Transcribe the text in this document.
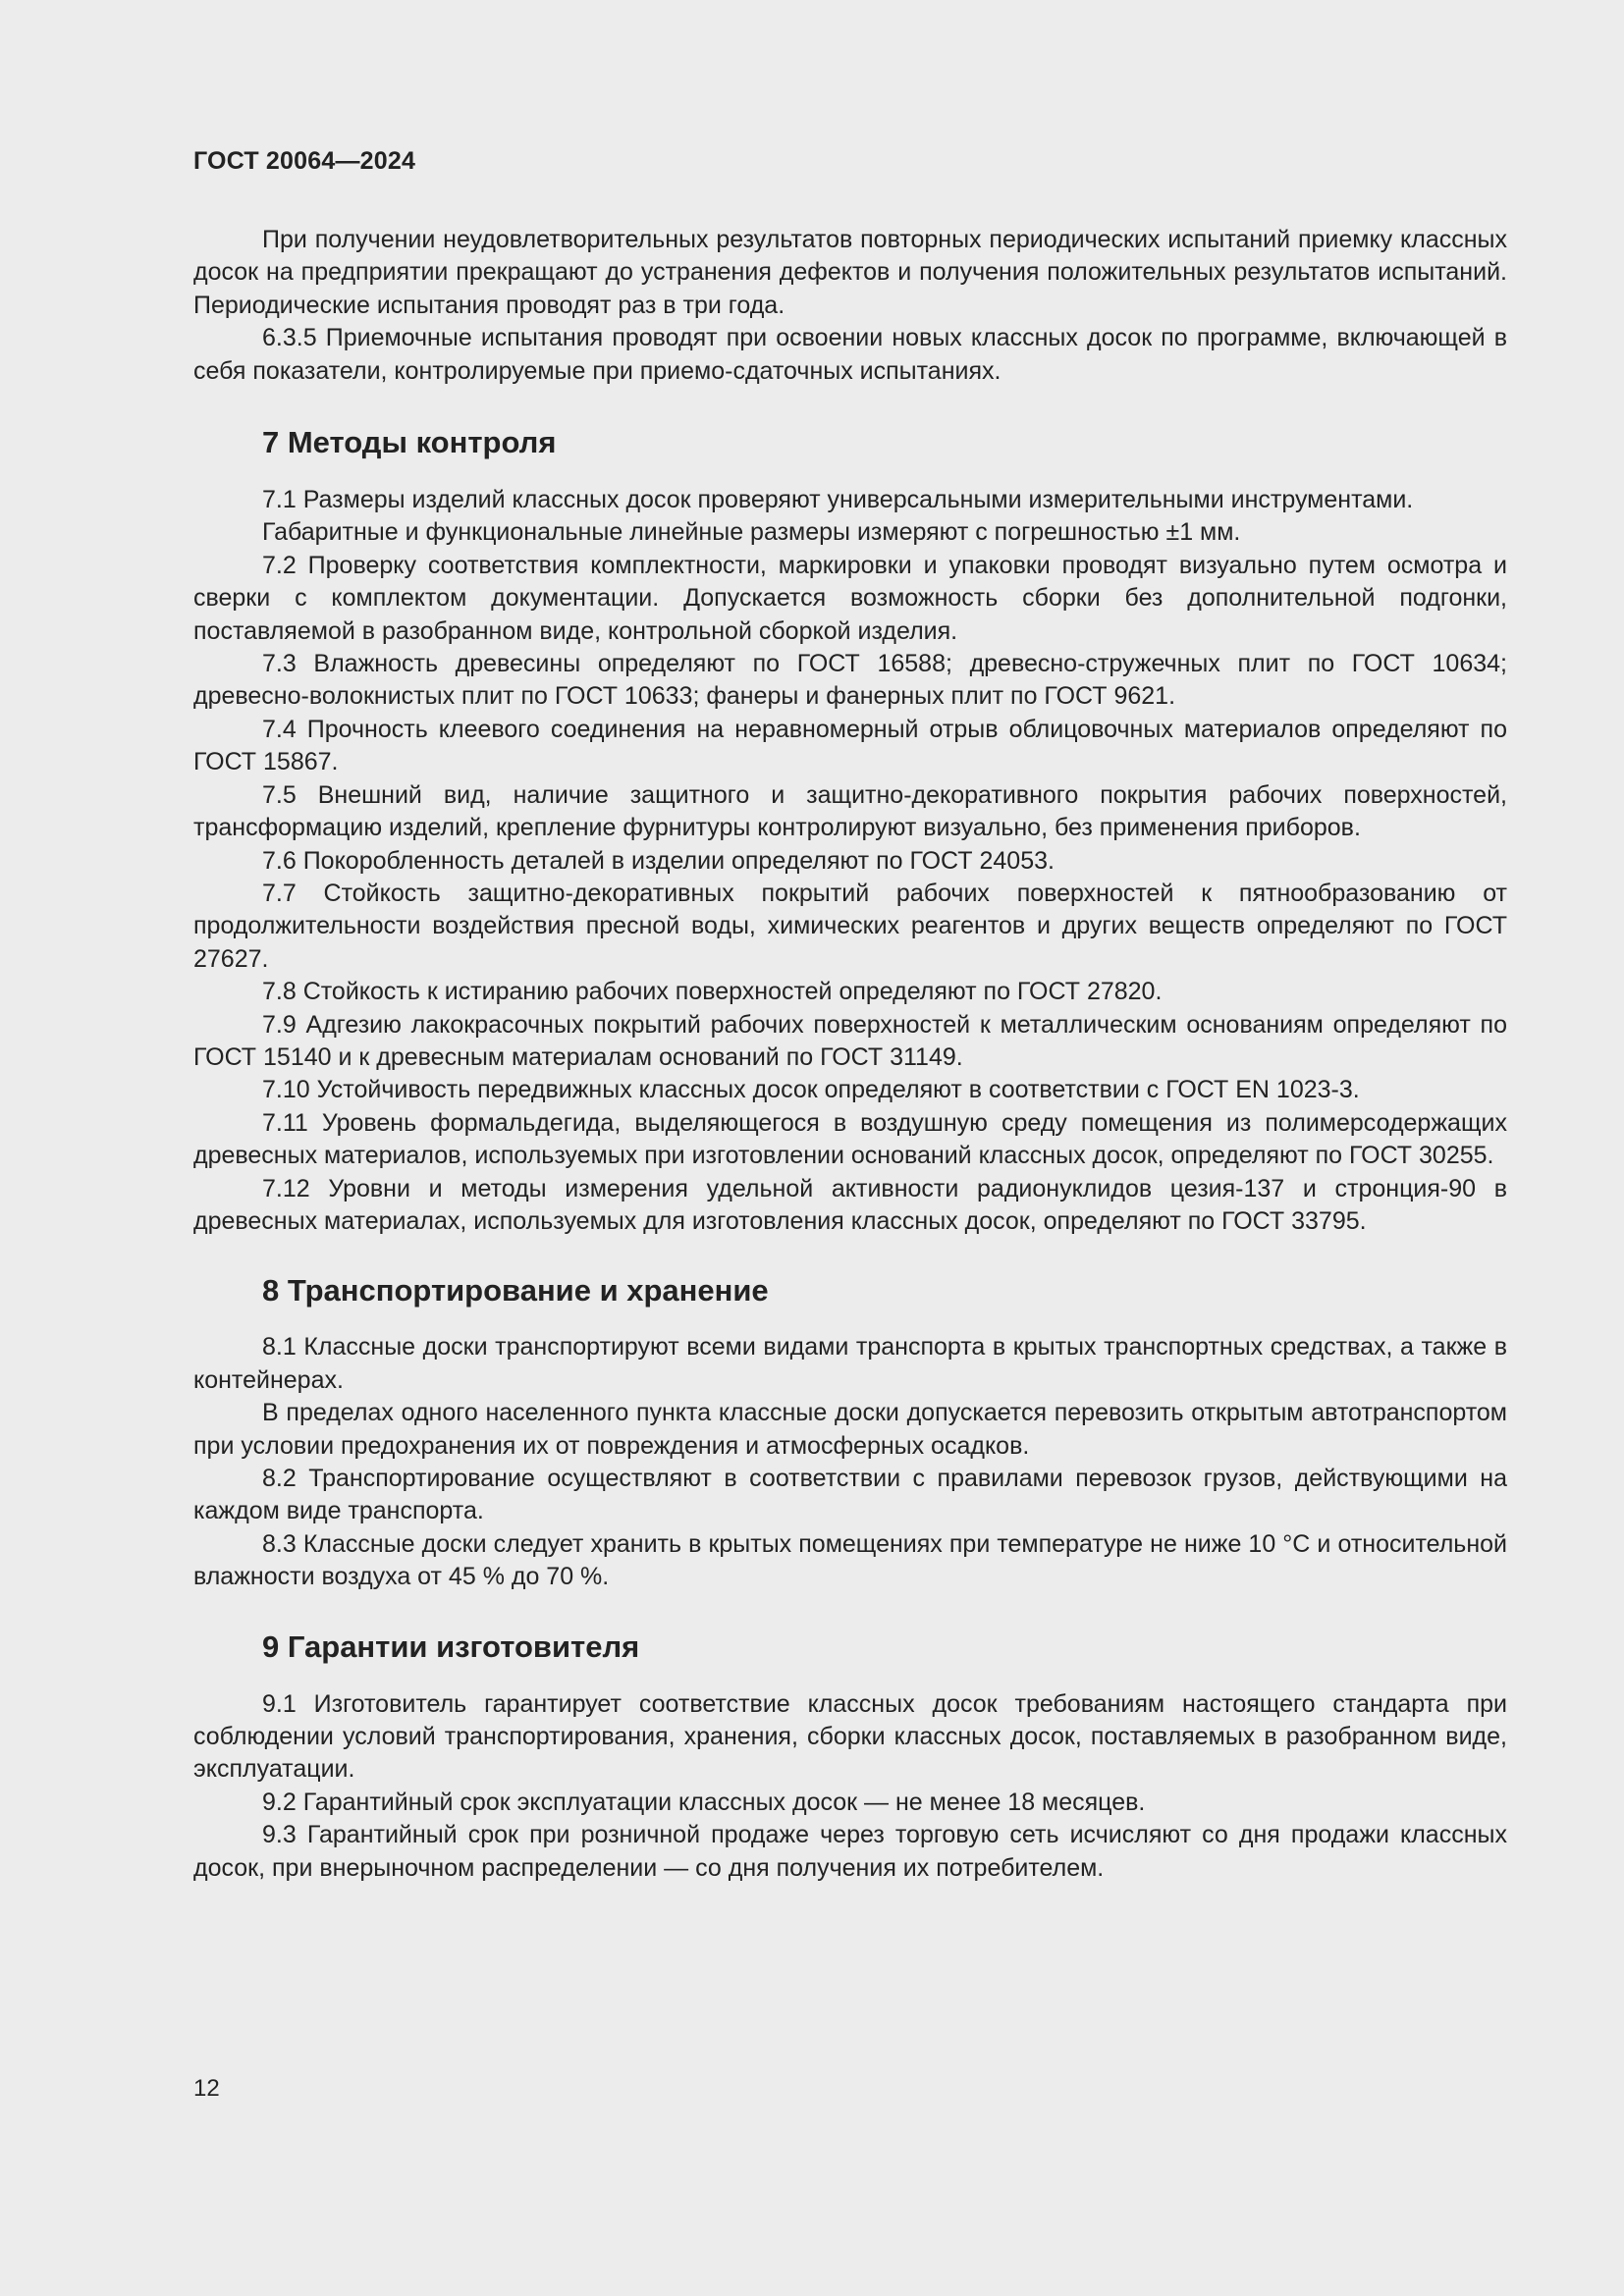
ГОСТ 20064—2024

При получении неудовлетворительных результатов повторных периодических испытаний приемку классных досок на предприятии прекращают до устранения дефектов и получения положительных результатов испытаний. Периодические испытания проводят раз в три года.

6.3.5 Приемочные испытания проводят при освоении новых классных досок по программе, включающей в себя показатели, контролируемые при приемо-сдаточных испытаниях.

7 Методы контроля

7.1 Размеры изделий классных досок проверяют универсальными измерительными инструментами.

Габаритные и функциональные линейные размеры измеряют с погрешностью ±1 мм.

7.2 Проверку соответствия комплектности, маркировки и упаковки проводят визуально путем осмотра и сверки с комплектом документации. Допускается возможность сборки без дополнительной подгонки, поставляемой в разобранном виде, контрольной сборкой изделия.

7.3 Влажность древесины определяют по ГОСТ 16588; древесно-стружечных плит по ГОСТ 10634; древесно-волокнистых плит по ГОСТ 10633; фанеры и фанерных плит по ГОСТ 9621.

7.4 Прочность клеевого соединения на неравномерный отрыв облицовочных материалов определяют по ГОСТ 15867.

7.5 Внешний вид, наличие защитного и защитно-декоративного покрытия рабочих поверхностей, трансформацию изделий, крепление фурнитуры контролируют визуально, без применения приборов.

7.6 Покоробленность деталей в изделии определяют по ГОСТ 24053.

7.7 Стойкость защитно-декоративных покрытий рабочих поверхностей к пятнообразованию от продолжительности воздействия пресной воды, химических реагентов и других веществ определяют по ГОСТ 27627.

7.8 Стойкость к истиранию рабочих поверхностей определяют по ГОСТ 27820.

7.9 Адгезию лакокрасочных покрытий рабочих поверхностей к металлическим основаниям определяют по ГОСТ 15140 и к древесным материалам оснований по ГОСТ 31149.

7.10 Устойчивость передвижных классных досок определяют в соответствии с ГОСТ EN 1023-3.

7.11 Уровень формальдегида, выделяющегося в воздушную среду помещения из полимерсодержащих древесных материалов, используемых при изготовлении оснований классных досок, определяют по ГОСТ 30255.

7.12 Уровни и методы измерения удельной активности радионуклидов цезия-137 и стронция-90 в древесных материалах, используемых для изготовления классных досок, определяют по ГОСТ 33795.

8 Транспортирование и хранение

8.1 Классные доски транспортируют всеми видами транспорта в крытых транспортных средствах, а также в контейнерах.

В пределах одного населенного пункта классные доски допускается перевозить открытым автотранспортом при условии предохранения их от повреждения и атмосферных осадков.

8.2 Транспортирование осуществляют в соответствии с правилами перевозок грузов, действующими на каждом виде транспорта.

8.3 Классные доски следует хранить в крытых помещениях при температуре не ниже 10 °C и относительной влажности воздуха от 45 % до 70 %.

9 Гарантии изготовителя

9.1 Изготовитель гарантирует соответствие классных досок требованиям настоящего стандарта при соблюдении условий транспортирования, хранения, сборки классных досок, поставляемых в разобранном виде, эксплуатации.

9.2 Гарантийный срок эксплуатации классных досок — не менее 18 месяцев.

9.3 Гарантийный срок при розничной продаже через торговую сеть исчисляют со дня продажи классных досок, при внерыночном распределении — со дня получения их потребителем.

12
